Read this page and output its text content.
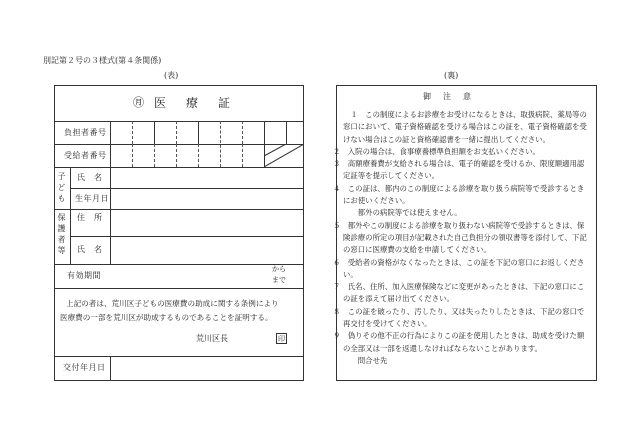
別記第２号の３様式(第４条関係)
(表)	(裏)
㊊ 医　療　証
負担者番号
受給者番号
子ども 氏　名
生年月日
保護者等 住　所
氏　名
有効期間
から
まで
上記の者は、荒川区子どもの医療費の助成に関する条例により
医療費の一部を荒川区が助成するものであることを証明する。
荒川区長	印
交付年月日
御　注　意

　１　この制度によるお診療をお受けになるときは、取扱病院、薬局等の窓口において、電子資格確認を受ける場合はこの証を、電子資格確認を受けない場合はこの証と資格確認書を一緒に提出してください。

２　入院の場合は、食事療養標準負担額をお支払いください。

３　高額療養費が支給される場合は、電子的確認を受けるか、限度額適用認定証等を提示してください。

４　この証は、都内のこの制度による診療を取り扱う病院等で受診するときにお使いください。

　　都外の病院等では使えません。

５　都外やこの制度による診療を取り扱わない病院等で受診するときは、保険診療の所定の項目が記載された自己負担分の領収書等を添付して、下記の窓口に医療費の支給を申請してください。

６　受給者の資格がなくなったときは、この証を下記の窓口にお返しください。

７　氏名、住所、加入医療保険などに変更があったときは、下記の窓口にこの証を添えて届け出てください。

８　この証を破ったり、汚したり、又は失ったりしたときは、下記の窓口で再交付を受けてください。

９　偽りその他不正の行為によりこの証を使用したときは、助成を受けた額の全部又は一部を返還しなければならないことがあります。

　　問合せ先
